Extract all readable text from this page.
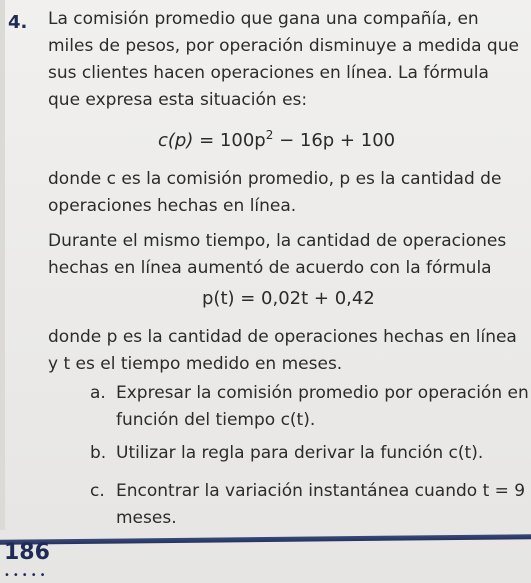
4. La comisión promedio que gana una compañía, en
miles de pesos, por operación disminuye a medida que
sus clientes hacen operaciones en línea. La fórmula
que expresa esta situación es:
$c(p) = 100p^2 - 16p + 100$
donde c es la comisión promedio, p es la cantidad de
operaciones hechas en línea.
Durante el mismo tiempo, la cantidad de operaciones
hechas en línea aumentó de acuerdo con la fórmula
p(t) = 0,02t + 0,42
donde p es la cantidad de operaciones hechas en línea
y t es el tiempo medido en meses.
a. Expresar la comisión promedio por operación en
función del tiempo c(t).
b. Utilizar la regla para derivar la función c(t).
c. Encontrar la variación instantánea cuando t = 9
meses.
186
•••••
